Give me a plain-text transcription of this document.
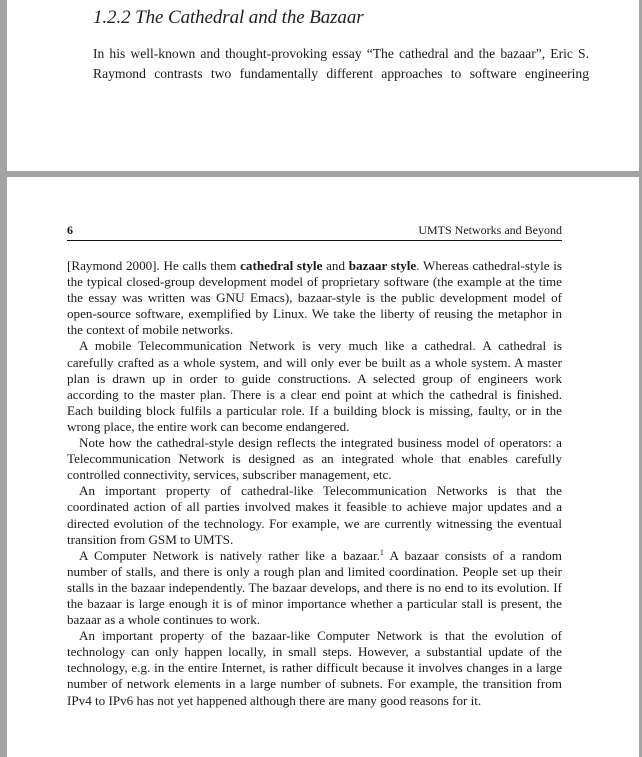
1.2.2 The Cathedral and the Bazaar
In his well-known and thought-provoking essay “The cathedral and the bazaar”, Eric S.
Raymond contrasts two fundamentally different approaches to software engineering
6	UMTS Networks and Beyond

[Raymond 2000]. He calls them cathedral style and bazaar style. Whereas cathedral-style is the typical closed-group development model of proprietary software (the example at the time the essay was written was GNU Emacs), bazaar-style is the public development model of open-source software, exemplified by Linux. We take the liberty of reusing the metaphor in the context of mobile networks.

A mobile Telecommunication Network is very much like a cathedral. A cathedral is carefully crafted as a whole system, and will only ever be built as a whole system. A master plan is drawn up in order to guide constructions. A selected group of engineers work according to the master plan. There is a clear end point at which the cathedral is finished. Each building block fulfils a particular role. If a building block is missing, faulty, or in the wrong place, the entire work can become endangered.

Note how the cathedral-style design reflects the integrated business model of operators: a Telecommunication Network is designed as an integrated whole that enables carefully controlled connectivity, services, subscriber management, etc.

An important property of cathedral-like Telecommunication Networks is that the coordinated action of all parties involved makes it feasible to achieve major updates and a directed evolution of the technology. For example, we are currently witnessing the eventual transition from GSM to UMTS.

A Computer Network is natively rather like a bazaar.$^1$ A bazaar consists of a random number of stalls, and there is only a rough plan and limited coordination. People set up their stalls in the bazaar independently. The bazaar develops, and there is no end to its evolution. If the bazaar is large enough it is of minor importance whether a particular stall is present, the bazaar as a whole continues to work.

An important property of the bazaar-like Computer Network is that the evolution of technology can only happen locally, in small steps. However, a substantial update of the technology, e.g. in the entire Internet, is rather difficult because it involves changes in a large number of network elements in a large number of subnets. For example, the transition from IPv4 to IPv6 has not yet happened although there are many good reasons for it.
